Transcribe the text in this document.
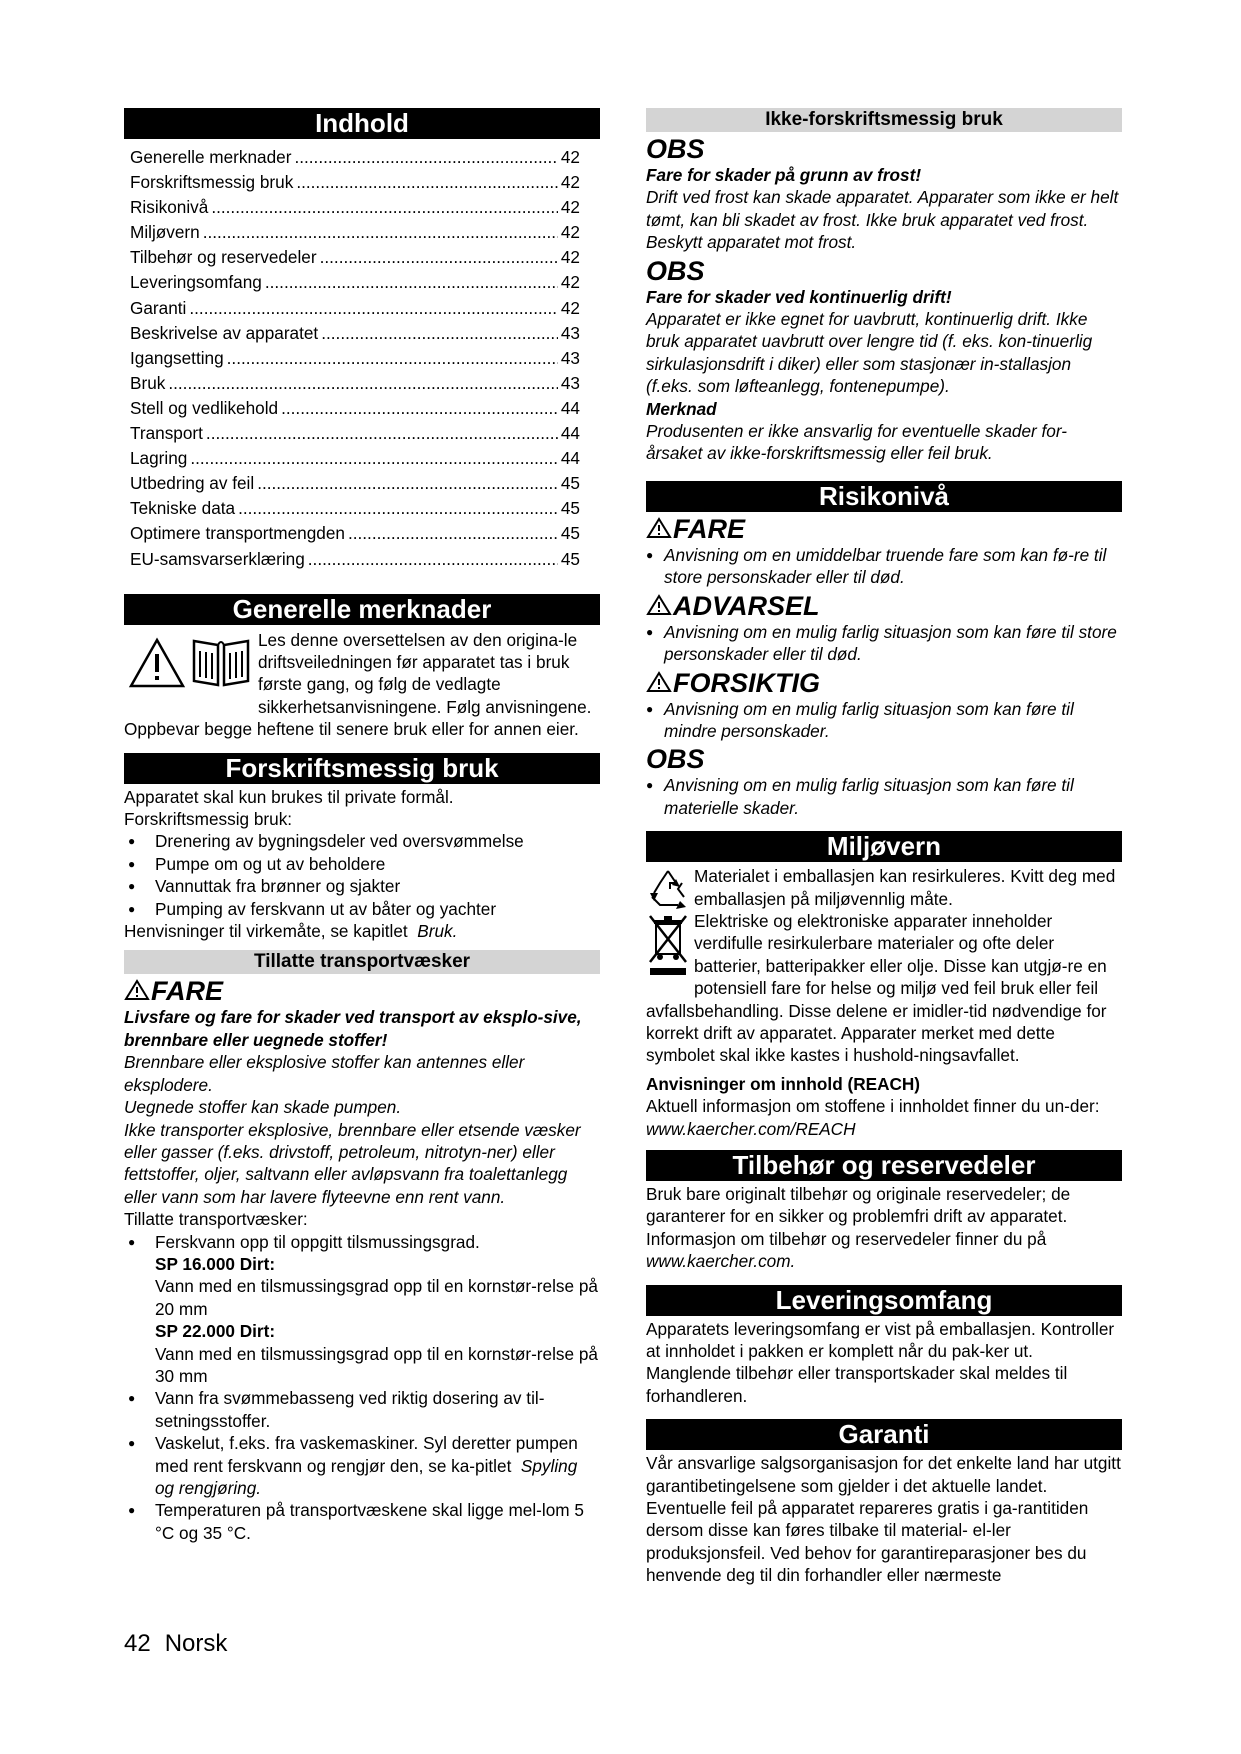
Indhold
Generelle merknader .....	42
Forskriftsmessig bruk .....	42
Risikonivå .....	42
Miljøvern .....	42
Tilbehør og reservedeler .....	42
Leveringsomfang .....	42
Garanti .....	42
Beskrivelse av apparatet .....	43
Igangsetting .....	43
Bruk .....	43
Stell og vedlikehold .....	44
Transport .....	44
Lagring .....	44
Utbedring av feil .....	45
Tekniske data .....	45
Optimere transportmengden .....	45
EU-samsvarserklæring .....	45
Generelle merknader

Les denne oversettelsen av den origina-le driftsveiledningen før apparatet tas i bruk første gang, og følg de vedlagte sikkerhetsanvisningene. Følg anvisningene.

Oppbevar begge heftene til senere bruk eller for annen eier.

Forskriftsmessig bruk

Apparatet skal kun brukes til private formål.

Forskriftsmessig bruk:

● Drenering av bygningsdeler ved oversvømmelse
● Pumpe om og ut av beholdere
● Vannuttak fra brønner og sjakter
● Pumping av ferskvann ut av båter og yachter

Henvisninger til virkemåte, se kapitlet Bruk.

Tillatte transportvæsker
FARE

Livsfare og fare for skader ved transport av eksplo-sive, brennbare eller uegnede stoffer!

Brennbare eller eksplosive stoffer kan antennes eller eksplodere.

Uegnede stoffer kan skade pumpen.

Ikke transporter eksplosive, brennbare eller etsende væsker eller gasser (f.eks. drivstoff, petroleum, nitrotyn-ner) eller fettstoffer, oljer, saltvann eller avløpsvann fra toalettanlegg eller vann som har lavere flyteevne enn rent vann.

Tillatte transportvæsker:

● Ferskvann opp til oppgitt tilsmussingsgrad.
SP 16.000 Dirt:
Vann med en tilsmussingsgrad opp til en kornstør-relse på 20 mm
SP 22.000 Dirt:
Vann med en tilsmussingsgrad opp til en kornstør-relse på 30 mm
● Vann fra svømmebasseng ved riktig dosering av til-setningsstoffer.
● Vaskelut, f.eks. fra vaskemaskiner. Syl deretter pumpen med rent ferskvann og rengjør den, se ka-pitlet Spyling og rengjøring.
● Temperaturen på transportvæskene skal ligge mel-lom 5 °C og 35 °C.
Ikke-forskriftsmessig bruk
OBS

Fare for skader på grunn av frost!

Drift ved frost kan skade apparatet. Apparater som ikke er helt tømt, kan bli skadet av frost. Ikke bruk apparatet ved frost. Beskytt apparatet mot frost.

OBS

Fare for skader ved kontinuerlig drift!

Apparatet er ikke egnet for uavbrutt, kontinuerlig drift. Ikke bruk apparatet uavbrutt over lengre tid (f. eks. kon-tinuerlig sirkulasjonsdrift i diker) eller som stasjonær in-stallasjon (f.eks. som løfteanlegg, fontenepumpe).

Merknad

Produsenten er ikke ansvarlig for eventuelle skader for-årsaket av ikke-forskriftsmessig eller feil bruk.

Risikonivå
FARE
● Anvisning om en umiddelbar truende fare som kan fø-re til store personskader eller til død.
ADVARSEL
● Anvisning om en mulig farlig situasjon som kan føre til store personskader eller til død.
FORSIKTIG
● Anvisning om en mulig farlig situasjon som kan føre til mindre personskader.
OBS
● Anvisning om en mulig farlig situasjon som kan føre til materielle skader.
Miljøvern

Materialet i emballasjen kan resirkuleres. Kvitt deg med emballasjen på miljøvennlig måte.

Elektriske og elektroniske apparater inneholder verdifulle resirkulerbare materialer og ofte deler batterier, batteripakker eller olje. Disse kan utgjø-re en potensiell fare for helse og miljø ved feil bruk eller feil avfallsbehandling. Disse delene er imidler-tid nødvendige for korrekt drift av apparatet. Apparater merket med dette symbolet skal ikke kastes i hushold-ningsavfallet.

Anvisninger om innhold (REACH)

Aktuell informasjon om stoffene i innholdet finner du un-der: www.kaercher.com/REACH

Tilbehør og reservedeler

Bruk bare originalt tilbehør og originale reservedeler; de garanterer for en sikker og problemfri drift av apparatet. Informasjon om tilbehør og reservedeler finner du på www.kaercher.com.

Leveringsomfang

Apparatets leveringsomfang er vist på emballasjen. Kontroller at innholdet i pakken er komplett når du pak-ker ut. Manglende tilbehør eller transportskader skal meldes til forhandleren.

Garanti

Vår ansvarlige salgsorganisasjon for det enkelte land har utgitt garantibetingelsene som gjelder i det aktuelle landet. Eventuelle feil på apparatet repareres gratis i ga-rantitiden dersom disse kan føres tilbake til material- el-ler produksjonsfeil. Ved behov for garantireparasjoner bes du henvende deg til din forhandler eller nærmeste

42 Norsk
